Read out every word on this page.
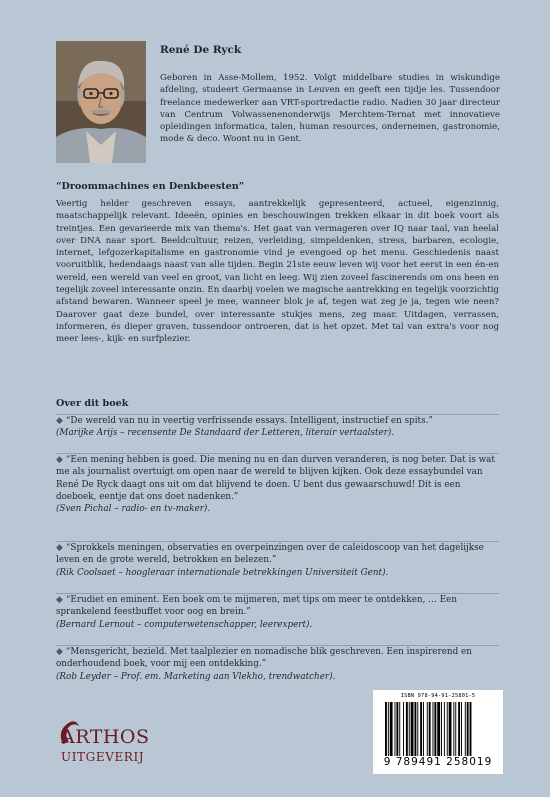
René De Ryck
Geboren in Asse-Mollem, 1952. Volgt middelbare studies in wiskundige afdeling, studeert Germaanse in Leuven en geeft een tijdje les. Tussendoor freelance medewerker aan VRT-sportredactie radio. Nadien 30 jaar directeur van Centrum Volwassenenonderwijs Merchtem-Ternat met innovatieve opleidingen informatica, talen, human resources, ondernemen, gastronomie, mode & deco. Woont nu in Gent.
“Droommachines en Denkbeesten”
Veertig helder geschreven essays, aantrekkelijk gepresenteerd, actueel, eigenzinnig, maatschappelijk relevant. Ideeën, opinies en beschouwingen trekken elkaar in dit boek voort als treintjes. Een gevarieerde mix van thema's. Het gaat van vermageren over IQ naar taal, van heelal over DNA naar sport. Beeldcultuur, reizen, verleiding, simpeldenken, stress, barbaren, ecologie, internet, lefgozerkapitalisme en gastronomie vind je evengoed op het menu. Geschiedenis naast vooruitblik, hedendaags naast van alle tijden. Begin 21ste eeuw leven wij voor het eerst in een én-en wereld, een wereld van veel en groot, van licht en leeg. Wij zien zoveel fascinerends om ons heen en tegelijk zoveel interessante onzin. En daarbij voelen we magische aantrekking en tegelijk voorzichtig afstand bewaren. Wanneer speel je mee, wanneer blok je af, tegen wat zeg je ja, tegen wie neen? Daarover gaat deze bundel, over interessante stukjes mens, zeg maar. Uitdagen, verrassen, informeren, és dieper graven, tussendoor ontroeren, dat is het opzet. Met tal van extra's voor nog meer lees-, kijk- en surfplezier.
Over dit boek
◆ “De wereld van nu in veertig verfrissende essays. Intelligent, instructief en spits.”
(Marijke Arijs – recensente De Standaard der Letteren, literair vertaalster).
◆ “Een mening hebben is goed. Die mening nu en dan durven veranderen, is nog beter. Dat is wat me als journalist overtuigt om open naar de wereld te blijven kijken. Ook deze essaybundel van René De Ryck daagt ons uit om dat blijvend te doen. U bent dus gewaarschuwd! Dit is een doeboek, eentje dat ons doet nadenken.”
(Sven Pichal – radio- en tv-maker).
◆ “Sprokkels meningen, observaties en overpeinzingen over de caleidoscoop van het dagelijkse leven en de grote wereld, betrokken en belezen.”
(Rik Coolsaet – hoogleraar internationale betrekkingen Universiteit Gent).
◆ “Erudiet en eminent. Een boek om te mijmeren, met tips om meer te ontdekken, … Een sprankelend feestbuffet voor oog en brein.”
(Bernard Lernout – computerwetenschapper, leerexpert).
◆ “Mensgericht, bezield. Met taalplezier en nomadische blik geschreven. Een inspirerend en onderhoudend boek, voor mij een ontdekking.”
(Rob Leyder – Prof. em. Marketing aan Vlekho, trendwatcher).
ARTHOS
UITGEVERIJ
ISBN 978-94-91-25801-5
9 789491 258019
